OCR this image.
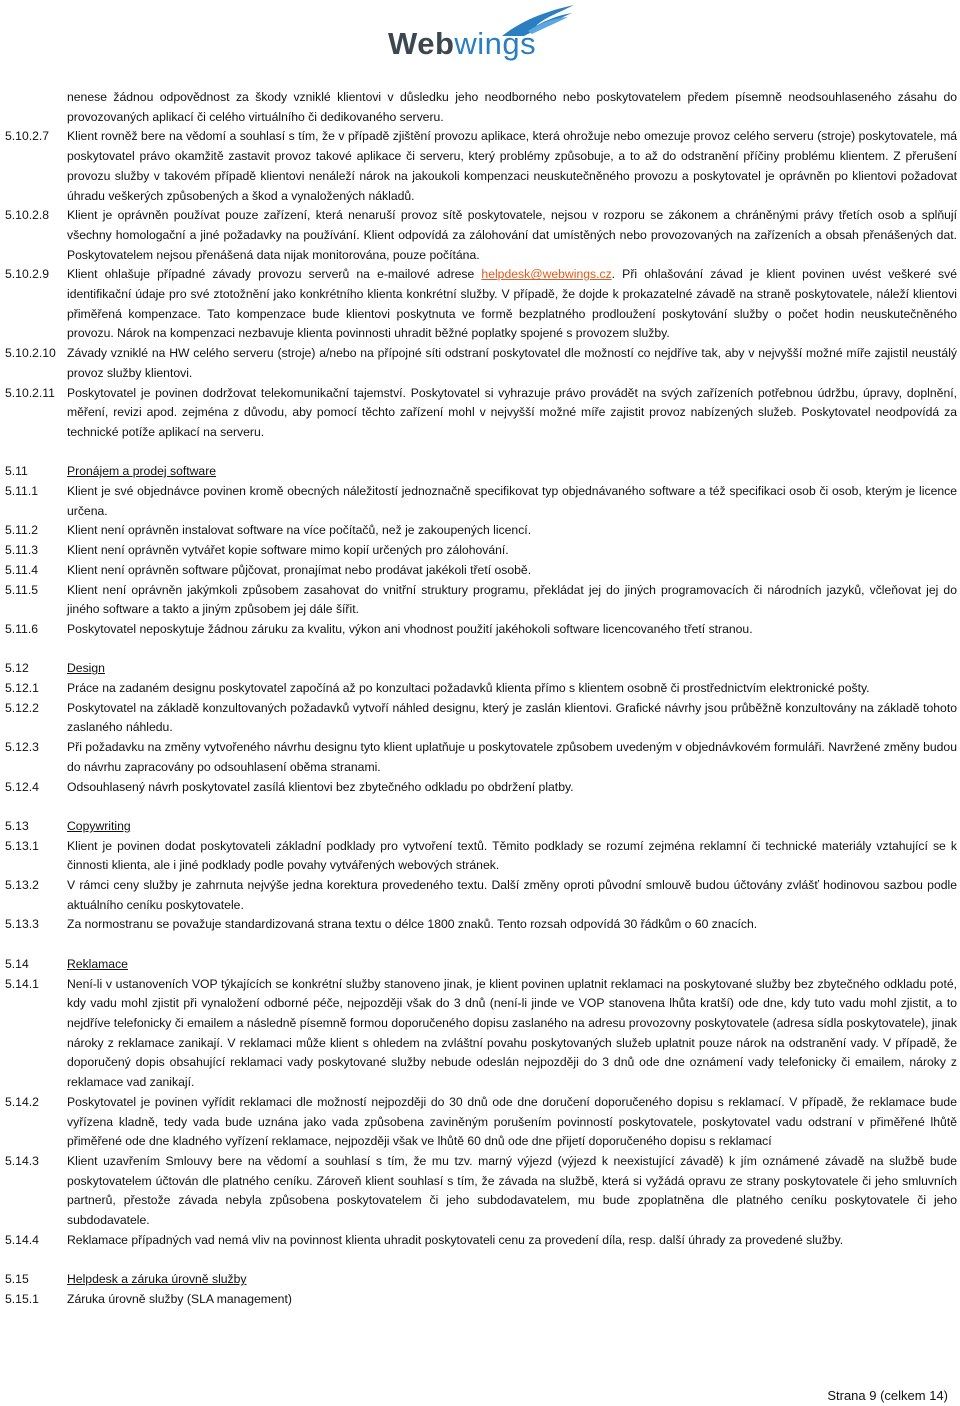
Webwings
nenese žádnou odpovědnost za škody vzniklé klientovi v důsledku jeho neodborného nebo poskytovatelem předem písemně neodsouhlaseného zásahu do provozovaných aplikací či celého virtuálního či dedikovaného serveru.
5.10.2.7	Klient rovněž bere na vědomí a souhlasí s tím, že v případě zjištění provozu aplikace, která ohrožuje nebo omezuje provoz celého serveru (stroje) poskytovatele, má poskytovatel právo okamžitě zastavit provoz takové aplikace či serveru, který problémy způsobuje, a to až do odstranění příčiny problému klientem. Z přerušení provozu služby v takovém případě klientovi nenáleží nárok na jakoukoli kompenzaci neuskutečněného provozu a poskytovatel je oprávněn po klientovi požadovat úhradu veškerých způsobených a škod a vynaložených nákladů.
5.10.2.8	Klient je oprávněn používat pouze zařízení, která nenaruší provoz sítě poskytovatele, nejsou v rozporu se zákonem a chráněnými právy třetích osob a splňují všechny homologační a jiné požadavky na používání. Klient odpovídá za zálohování dat umístěných nebo provozovaných na zařízeních a obsah přenášených dat. Poskytovatelem nejsou přenášená data nijak monitorována, pouze počítána.
5.10.2.9	Klient ohlašuje případné závady provozu serverů na e-mailové adrese helpdesk@webwings.cz. Při ohlašování závad je klient povinen uvést veškeré své identifikační údaje pro své ztotožnění jako konkrétního klienta konkrétní služby. V případě, že dojde k prokazatelné závadě na straně poskytovatele, náleží klientovi přiměřená kompenzace. Tato kompenzace bude klientovi poskytnuta ve formě bezplatného prodloužení poskytování služby o počet hodin neuskutečněného provozu. Nárok na kompenzaci nezbavuje klienta povinnosti uhradit běžné poplatky spojené s provozem služby.
5.10.2.10 Závady vzniklé na HW celého serveru (stroje) a/nebo na přípojné síti odstraní poskytovatel dle možností co nejdříve tak, aby v nejvyšší možné míře zajistil neustálý provoz služby klientovi.
5.10.2.11 Poskytovatel je povinen dodržovat telekomunikační tajemství. Poskytovatel si vyhrazuje právo provádět na svých zařízeních potřebnou údržbu, úpravy, doplnění, měření, revizi apod. zejména z důvodu, aby pomocí těchto zařízení mohl v nejvyšší možné míře zajistit provoz nabízených služeb. Poskytovatel neodpovídá za technické potíže aplikací na serveru.
5.11	Pronájem a prodej software
5.11.1	Klient je své objednávce povinen kromě obecných náležitostí jednoznačně specifikovat typ objednávaného software a též specifikaci osob či osob, kterým je licence určena.
5.11.2	Klient není oprávněn instalovat software na více počítačů, než je zakoupených licencí.
5.11.3	Klient není oprávněn vytvářet kopie software mimo kopií určených pro zálohování.
5.11.4	Klient není oprávněn software půjčovat, pronajímat nebo prodávat jakékoli třetí osobě.
5.11.5	Klient není oprávněn jakýmkoli způsobem zasahovat do vnitřní struktury programu, překládat jej do jiných programovacích či národních jazyků, včleňovat jej do jiného software a takto a jiným způsobem jej dále šířit.
5.11.6	Poskytovatel neposkytuje žádnou záruku za kvalitu, výkon ani vhodnost použití jakéhokoli software licencovaného třetí stranou.
5.12	Design
5.12.1	Práce na zadaném designu poskytovatel započíná až po konzultaci požadavků klienta přímo s klientem osobně či prostřednictvím elektronické pošty.
5.12.2	Poskytovatel na základě konzultovaných požadavků vytvoří náhled designu, který je zaslán klientovi. Grafické návrhy jsou průběžně konzultovány na základě tohoto zaslaného náhledu.
5.12.3	Při požadavku na změny vytvořeného návrhu designu tyto klient uplatňuje u poskytovatele způsobem uvedeným v objednávkovém formuláři. Navržené změny budou do návrhu zapracovány po odsouhlasení oběma stranami.
5.12.4	Odsouhlasený návrh poskytovatel zasílá klientovi bez zbytečného odkladu po obdržení platby.
5.13	Copywriting
5.13.1	Klient je povinen dodat poskytovateli základní podklady pro vytvoření textů. Těmito podklady se rozumí zejména reklamní či technické materiály vztahující se k činnosti klienta, ale i jiné podklady podle povahy vytvářených webových stránek.
5.13.2	V rámci ceny služby je zahrnuta nejvýše jedna korektura provedeného textu. Další změny oproti původní smlouvě budou účtovány zvlášť hodinovou sazbou podle aktuálního ceníku poskytovatele.
5.13.3	Za normostranu se považuje standardizovaná strana textu o délce 1800 znaků. Tento rozsah odpovídá 30 řádkům o 60 znacích.
5.14	Reklamace
5.14.1	Není-li v ustanoveních VOP týkajících se konkrétní služby stanoveno jinak, je klient povinen uplatnit reklamaci na poskytované služby bez zbytečného odkladu poté, kdy vadu mohl zjistit při vynaložení odborné péče, nejpozději však do 3 dnů (není-li jinde ve VOP stanovena lhůta kratší) ode dne, kdy tuto vadu mohl zjistit, a to nejdříve telefonicky či emailem a následně písemně formou doporučeného dopisu zaslaného na adresu provozovny poskytovatele (adresa sídla poskytovatele), jinak nároky z reklamace zanikají. V reklamaci může klient s ohledem na zvláštní povahu poskytovaných služeb uplatnit pouze nárok na odstranění vady. V případě, že doporučený dopis obsahující reklamaci vady poskytované služby nebude odeslán nejpozději do 3 dnů ode dne oznámení vady telefonicky či emailem, nároky z reklamace vad zanikají.
5.14.2	Poskytovatel je povinen vyřídit reklamaci dle možností nejpozději do 30 dnů ode dne doručení doporučeného dopisu s reklamací. V případě, že reklamace bude vyřízena kladně, tedy vada bude uznána jako vada způsobena zaviněným porušením povinností poskytovatele, poskytovatel vadu odstraní v přiměřené lhůtě přiměřené ode dne kladného vyřízení reklamace, nejpozději však ve lhůtě 60 dnů ode dne přijetí doporučeného dopisu s reklamací
5.14.3	Klient uzavřením Smlouvy bere na vědomí a souhlasí s tím, že mu tzv. marný výjezd (výjezd k neexistující závadě) k jím oznámené závadě na službě bude poskytovatelem účtován dle platného ceníku. Zároveň klient souhlasí s tím, že závada na službě, která si vyžádá opravu ze strany poskytovatele či jeho smluvních partnerů, přestože závada nebyla způsobena poskytovatelem či jeho subdodavatelem, mu bude zpoplatněna dle platného ceníku poskytovatele či jeho subdodavatele.
5.14.4	Reklamace případných vad nemá vliv na povinnost klienta uhradit poskytovateli cenu za provedení díla, resp. další úhrady za provedené služby.
5.15	Helpdesk a záruka úrovně služby
5.15.1	Záruka úrovně služby (SLA management)
Strana 9 (celkem 14)
